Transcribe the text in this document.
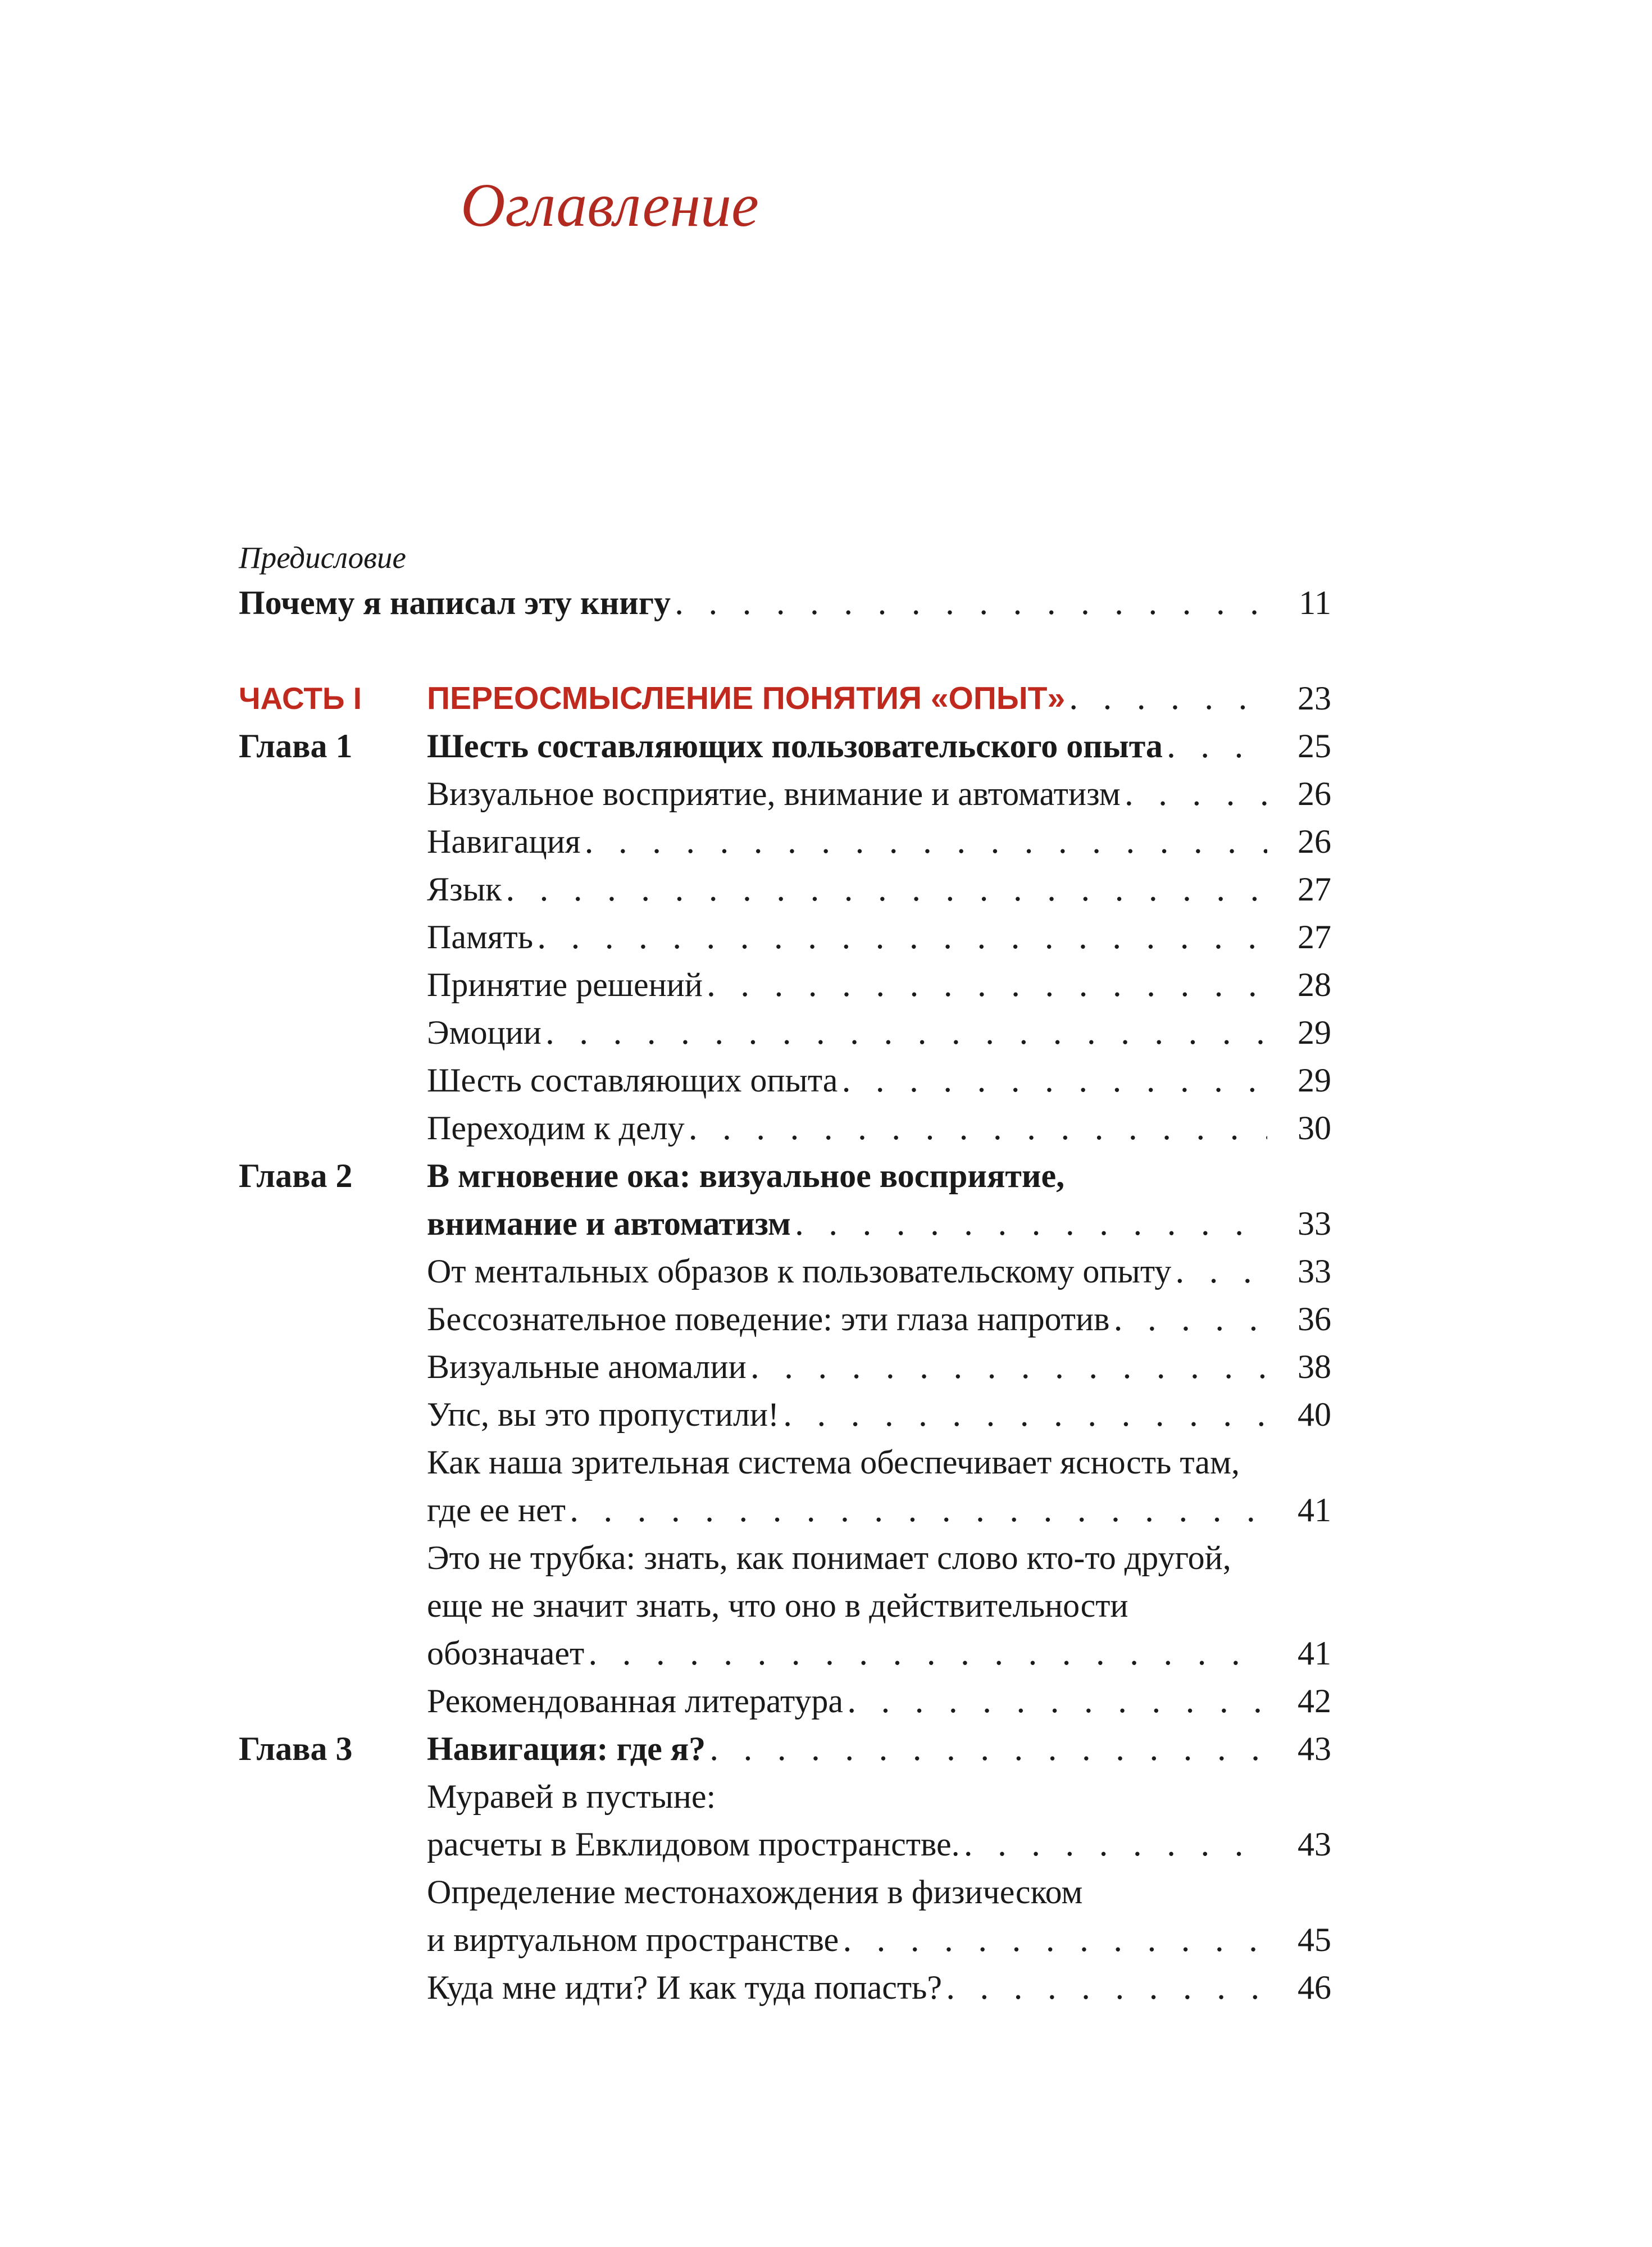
Оглавление
Предисловие
Почему я написал эту книгу . . .	11
ЧАСТЬ I ПЕРЕОСМЫСЛЕНИЕ ПОНЯТИЯ «ОПЫТ» . . .	23
Глава 1 Шесть составляющих пользовательского опыта . . .	25
Визуальное восприятие, внимание и автоматизм . . .	26
Навигация . . .	26
Язык . . .	27
Память . . .	27
Принятие решений . . .	28
Эмоции . . .	29
Шесть составляющих опыта . . .	29
Переходим к делу . . .	30
Глава 2 В мгновение ока: визуальное восприятие,
внимание и автоматизм . . .	33
От ментальных образов к пользовательскому опыту . . .	33
Бессознательное поведение: эти глаза напротив . . .	36
Визуальные аномалии . . .	38
Упс, вы это пропустили! . . .	40
Как наша зрительная система обеспечивает ясность там,
где ее нет . . .	41
Это не трубка: знать, как понимает слово кто-то другой,
еще не значит знать, что оно в действительности
обозначает . . .	41
Рекомендованная литература . . .	42
Глава 3 Навигация: где я? . . .	43
Муравей в пустыне:
расчеты в Евклидовом пространстве. . . .	43
Определение местонахождения в физическом
и виртуальном пространстве . . .	45
Куда мне идти? И как туда попасть? . . .	46
